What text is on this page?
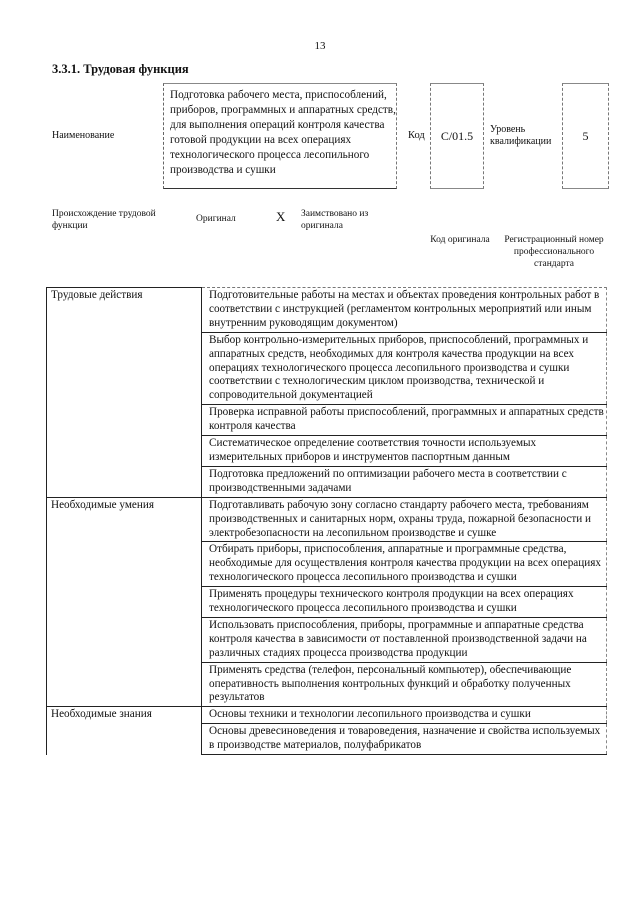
13
3.3.1. Трудовая функция
Наименование
Подготовка рабочего места, приспособлений, приборов, программных и аппаратных средств, для выполнения операций контроля качества готовой продукции на всех операциях технологического процесса лесопильного производства и сушки
Код	C/01.5	Уровень квалификации	5
Происхождение трудовой функции
Оригинал	X Заимствовано из оригинала
Код оригинала	Регистрационный номер профессионального стандарта
Трудовые действия	Подготовительные работы на местах и объектах проведения контрольных работ в соответствии с инструкцией (регламентом контрольных мероприятий или иным внутренним руководящим документом)
	Выбор контрольно-измерительных приборов, приспособлений, программных и аппаратных средств, необходимых для контроля качества продукции на всех операциях технологического процесса лесопильного производства и сушки соответствии с технологическим циклом производства, технической и сопроводительной документацией
	Проверка исправной работы приспособлений, программных и аппаратных средств контроля качества
	Систематическое определение соответствия точности используемых измерительных приборов и инструментов паспортным данным
	Подготовка предложений по оптимизации рабочего места в соответствии с производственными задачами
Необходимые умения	Подготавливать рабочую зону согласно стандарту рабочего места, требованиям производственных и санитарных норм, охраны труда, пожарной безопасности и электробезопасности на лесопильном производстве и сушке
	Отбирать приборы, приспособления, аппаратные и программные средства, необходимые для осуществления контроля качества продукции на всех операциях технологического процесса лесопильного производства и сушки
	Применять процедуры технического контроля продукции на всех операциях технологического процесса лесопильного производства и сушки
	Использовать приспособления, приборы, программные и аппаратные средства контроля качества в зависимости от поставленной производственной задачи на различных стадиях процесса производства продукции
	Применять средства (телефон, персональный компьютер), обеспечивающие оперативность выполнения контрольных функций и обработку полученных результатов
Необходимые знания	Основы техники и технологии лесопильного производства и сушки
	Основы древесиноведения и товароведения, назначение и свойства используемых в производстве материалов, полуфабрикатов
